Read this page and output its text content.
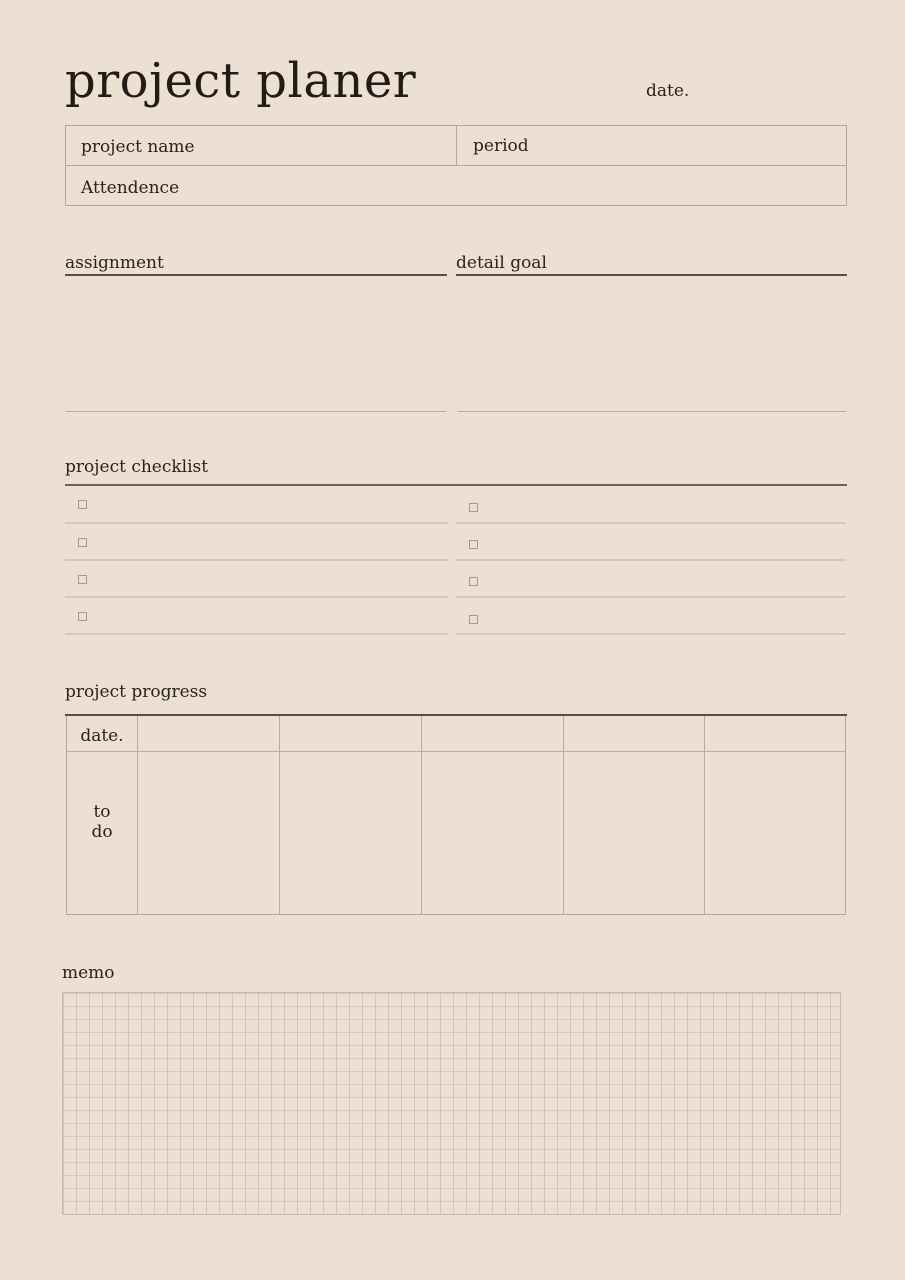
project planer	date.
project name	period
Attendence
assignment	detail goal
project checklist
project progress
date.
to
do
memo
